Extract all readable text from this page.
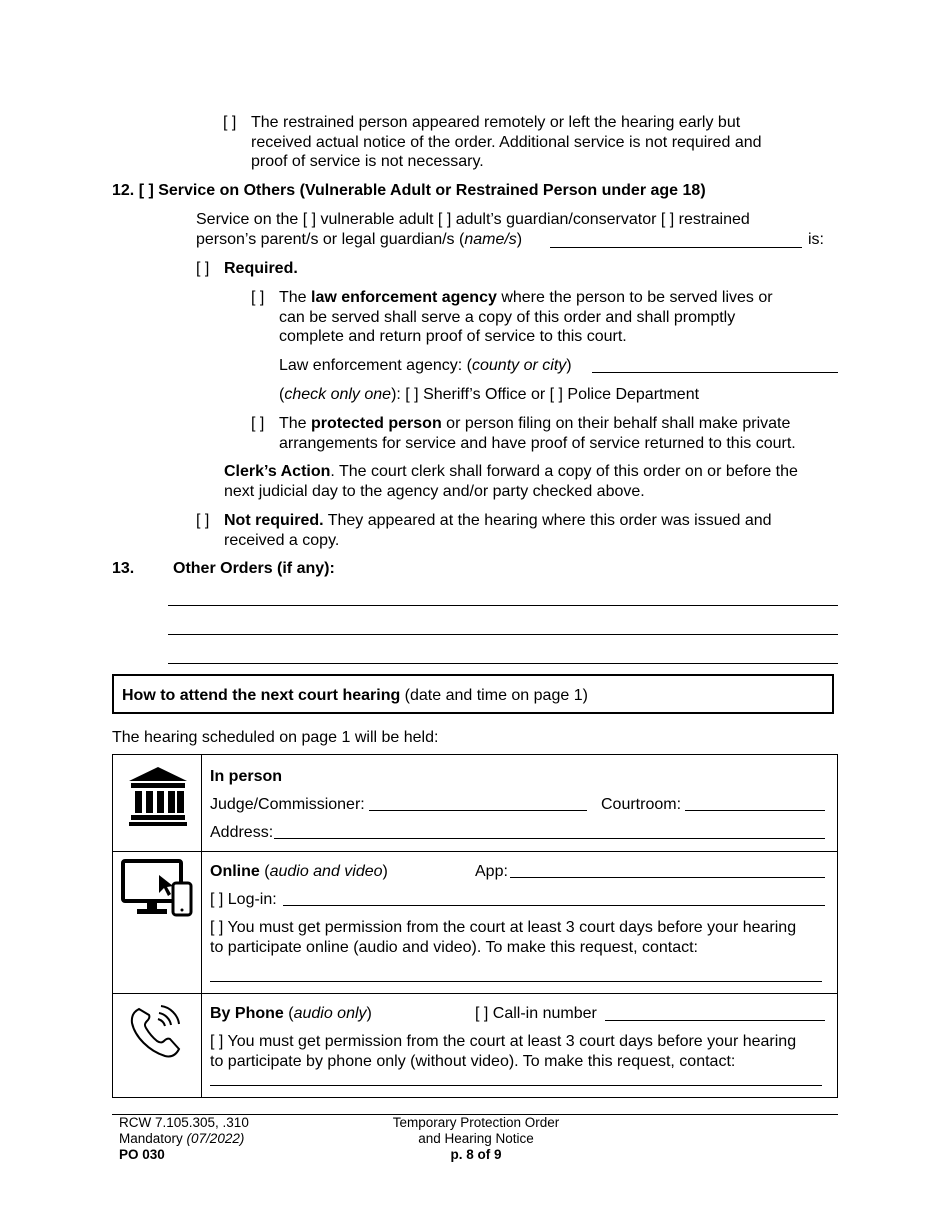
[ ] The restrained person appeared remotely or left the hearing early but
received actual notice of the order. Additional service is not required and
proof of service is not necessary.
12. [ ] Service on Others (Vulnerable Adult or Restrained Person under age 18)
Service on the [ ] vulnerable adult [ ] adult’s guardian/conservator [ ] restrained
person’s parent/s or legal guardian/s (name/s)	is:
[ ] Required.
[ ] The law enforcement agency where the person to be served lives or
can be served shall serve a copy of this order and shall promptly
complete and return proof of service to this court.
Law enforcement agency: (county or city)
(check only one): [ ] Sheriff’s Office or [ ] Police Department
[ ] The protected person or person filing on their behalf shall make private
arrangements for service and have proof of service returned to this court.
Clerk’s Action. The court clerk shall forward a copy of this order on or before the
next judicial day to the agency and/or party checked above.
[ ] Not required. They appeared at the hearing where this order was issued and
received a copy.
13. Other Orders (if any):
How to attend the next court hearing (date and time on page 1)
The hearing scheduled on page 1 will be held:
In person
Judge/Commissioner:	Courtroom:
Address:
Online (audio and video)	App:
[ ] Log-in:
[ ] You must get permission from the court at least 3 court days before your hearing
to participate online (audio and video). To make this request, contact:
By Phone (audio only)	[ ] Call-in number
[ ] You must get permission from the court at least 3 court days before your hearing
to participate by phone only (without video). To make this request, contact:
RCW 7.105.305, .310
Mandatory (07/2022)
PO 030
Temporary Protection Order
and Hearing Notice
p. 8 of 9
